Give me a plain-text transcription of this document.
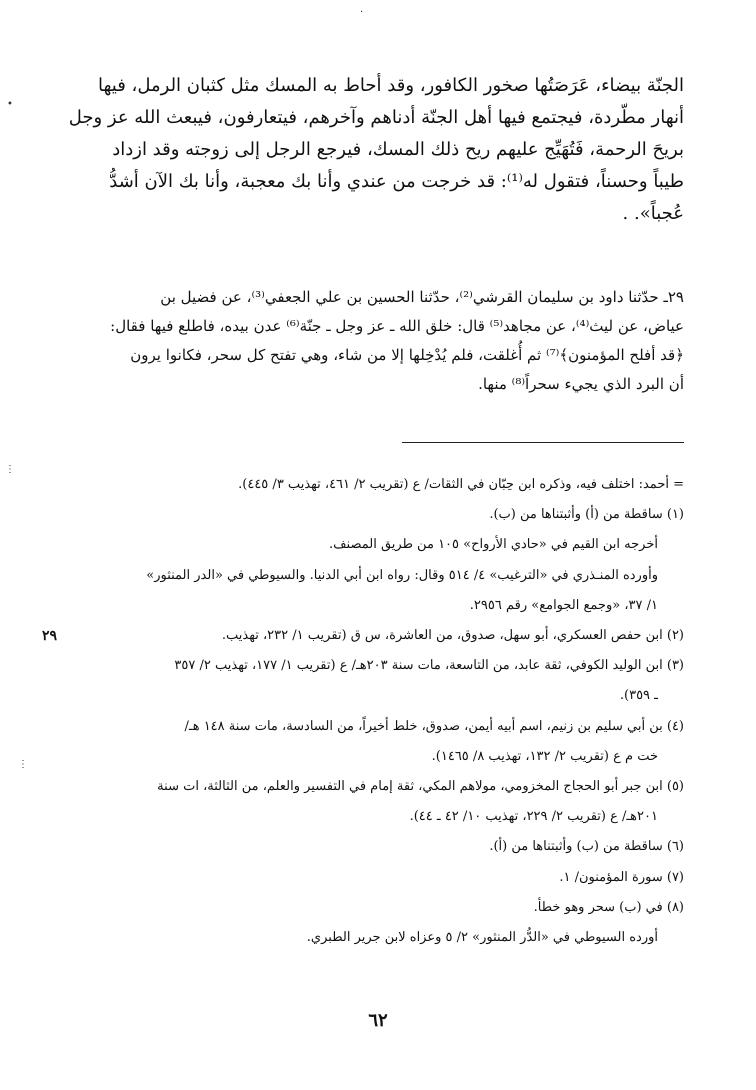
الجنّة بيضاء، عَرَصَتُها صخور الكافور، وقد أحاط به المسك مثل كثبان الرمل، فيها

أنهار مطّردة، فيجتمع فيها أهل الجنّة أدناهم وآخرهم، فيتعارفون، فيبعث الله عز وجل

بريحَ الرحمة، فَتُهَيِّج عليهم ريح ذلك المسك، فيرجع الرجل إلى زوجته وقد ازداد

طيباً وحسناً، فتقول له⁽¹⁾: قد خرجت من عندي وأنا بك معجبة، وأنا بك الآن أشدُّ

عُجباً». .

٢٩ـ حدّثنا داود بن سليمان القرشي⁽²⁾، حدّثنا الحسين بن علي الجعفي⁽³⁾، عن فضيل بن

عياض، عن ليث⁽⁴⁾، عن مجاهد⁽⁵⁾ قال: خلق الله ـ عز وجل ـ جنّة⁽⁶⁾ عدن بيده، فاطلع فيها فقال:

﴿قد أفلح المؤمنون﴾⁽⁷⁾ ثم أُغلقت، فلم يُدْخِلها إلا من شاء، وهي تفتح كل سحر، فكانوا يرون

أن البرد الذي يجيء سحراً⁽⁸⁾ منها.

= أحمد: اختلف فيه، وذكره ابن حِبّان في الثقات/ ع (تقريب ٢/ ٤٦١، تهذيب ٣/ ٤٤٥).

(١) ساقطة من (أ) وأثبتناها من (ب).

أخرجه ابن القيم في «حادي الأرواح» ١٠٥ من طريق المصنف.

وأورده المنـذري في «الترغيب» ٤/ ٥١٤ وقال: رواه ابن أبي الدنيا. والسيوطي في «الدر المنثور»

١/ ٣٧، «وجمع الجوامع» رقم ٢٩٥٦.

(٢) ابن حفص العسكري، أبو سهل، صدوق، من العاشرة، س ق (تقريب ١/ ٢٣٢، تهذيب.

(٣) ابن الوليد الكوفي، ثقة عابد، من التاسعة، مات سنة ٢٠٣هـ/ ع (تقريب ١/ ١٧٧، تهذيب ٢/ ٣٥٧

ـ ٣٥٩).

(٤) بن أبي سليم بن زنيم، اسم أبيه أيمن، صدوق، خلط أخيراً، من السادسة، مات سنة ١٤٨ هـ/

خت م ع (تقريب ٢/ ١٣٢، تهذيب ٨/ ١٤٦٥).

(٥) ابن جبر أبو الحجاج المخزومي، مولاهم المكي، ثقة إمام في التفسير والعلم، من الثالثة، ات سنة

٢٠١هـ/ ع (تقريب ٢/ ٢٢٩، تهذيب ١٠/ ٤٢ ـ ٤٤).

(٦) ساقطة من (ب) وأثبتناها من (أ).

(٧) سورة المؤمنون/ ١.

(٨) في (ب) سحر وهو خطأ.

أورده السيوطي في «الدُّر المنثور» ٢/ ٥ وعزاه لابن جرير الطبري.

٢٩
٦٢
•
⋮
⋮
·
